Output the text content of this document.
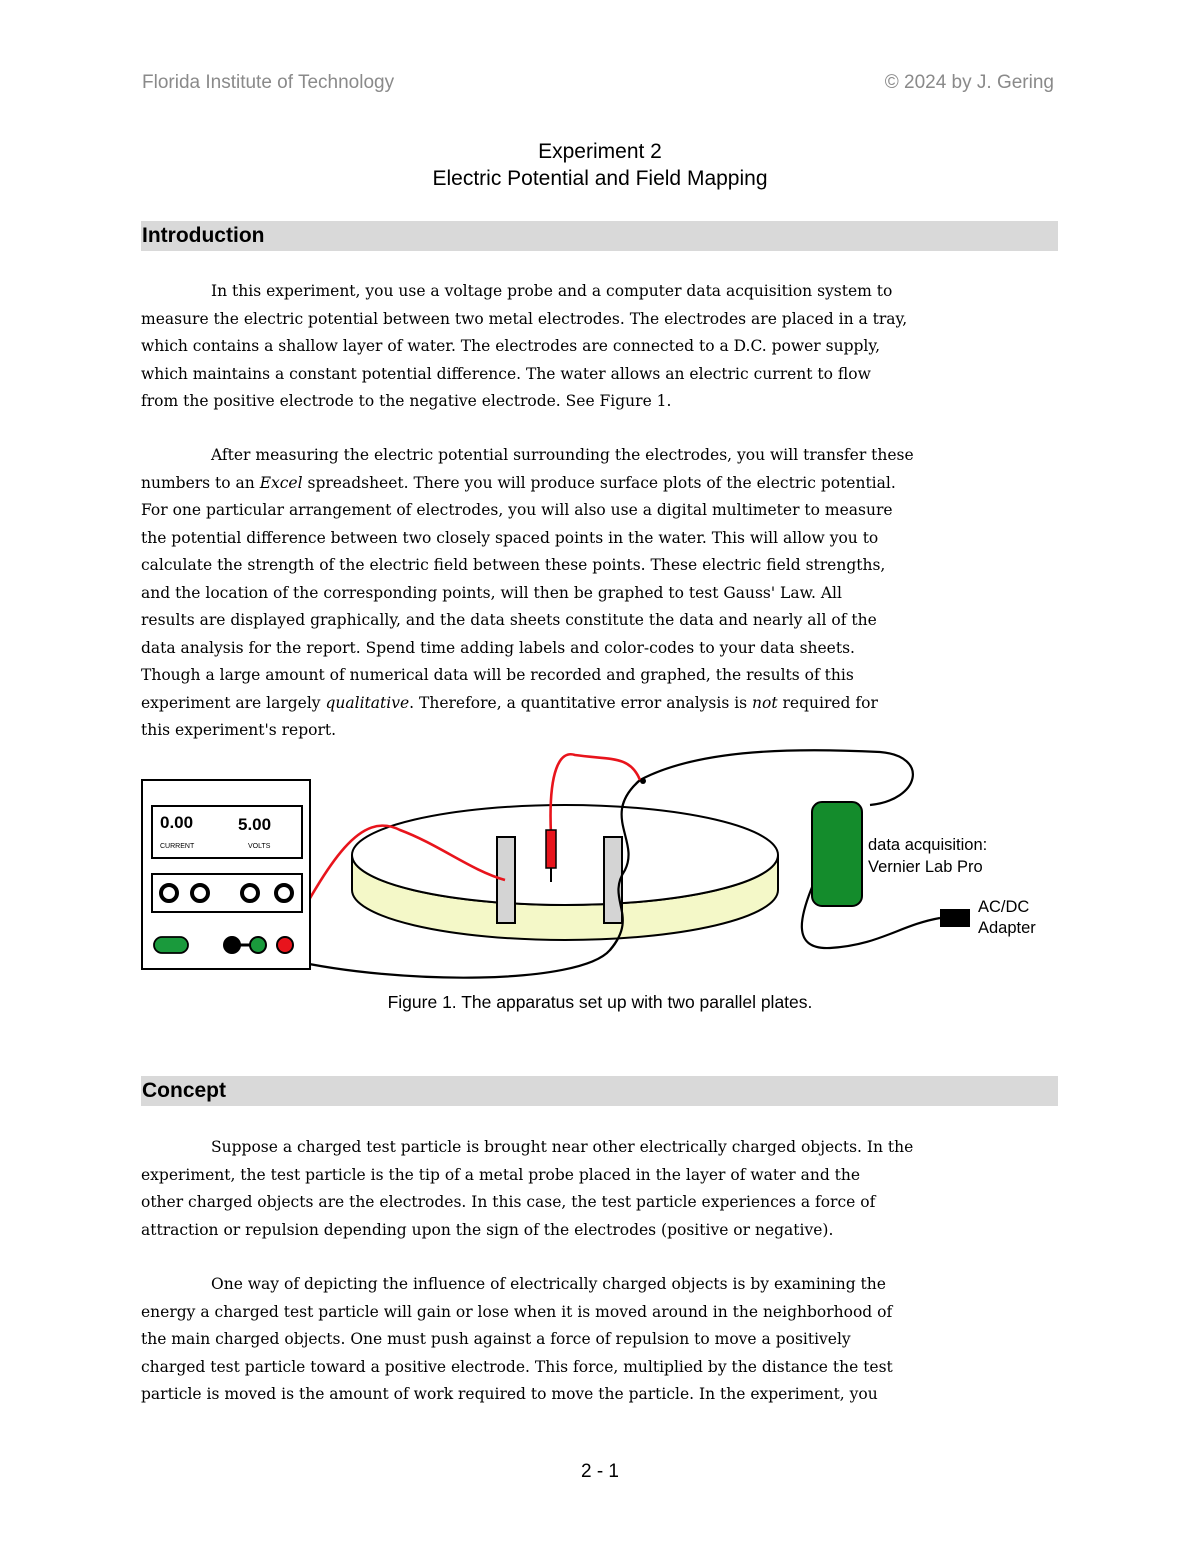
Florida Institute of Technology	© 2024 by J. Gering
Experiment 2
Electric Potential and Field Mapping
Introduction
In this experiment, you use a voltage probe and a computer data acquisition system to
measure the electric potential between two metal electrodes. The electrodes are placed in a tray,
which contains a shallow layer of water. The electrodes are connected to a D.C. power supply,
which maintains a constant potential difference. The water allows an electric current to flow
from the positive electrode to the negative electrode. See Figure 1.
After measuring the electric potential surrounding the electrodes, you will transfer these
numbers to an Excel spreadsheet. There you will produce surface plots of the electric potential.
For one particular arrangement of electrodes, you will also use a digital multimeter to measure
the potential difference between two closely spaced points in the water. This will allow you to
calculate the strength of the electric field between these points. These electric field strengths,
and the location of the corresponding points, will then be graphed to test Gauss' Law. All
results are displayed graphically, and the data sheets constitute the data and nearly all of the
data analysis for the report. Spend time adding labels and color-codes to your data sheets.
Though a large amount of numerical data will be recorded and graphed, the results of this
experiment are largely qualitative. Therefore, a quantitative error analysis is not required for
this experiment's report.
0.00	5.00
CURRENT	VOLTS	data acquisition:
Vernier Lab Pro
AC/DC
Adapter
Figure 1. The apparatus set up with two parallel plates.
Concept
Suppose a charged test particle is brought near other electrically charged objects. In the
experiment, the test particle is the tip of a metal probe placed in the layer of water and the
other charged objects are the electrodes. In this case, the test particle experiences a force of
attraction or repulsion depending upon the sign of the electrodes (positive or negative).
One way of depicting the influence of electrically charged objects is by examining the
energy a charged test particle will gain or lose when it is moved around in the neighborhood of
the main charged objects. One must push against a force of repulsion to move a positively
charged test particle toward a positive electrode. This force, multiplied by the distance the test
particle is moved is the amount of work required to move the particle. In the experiment, you
2 - 1
